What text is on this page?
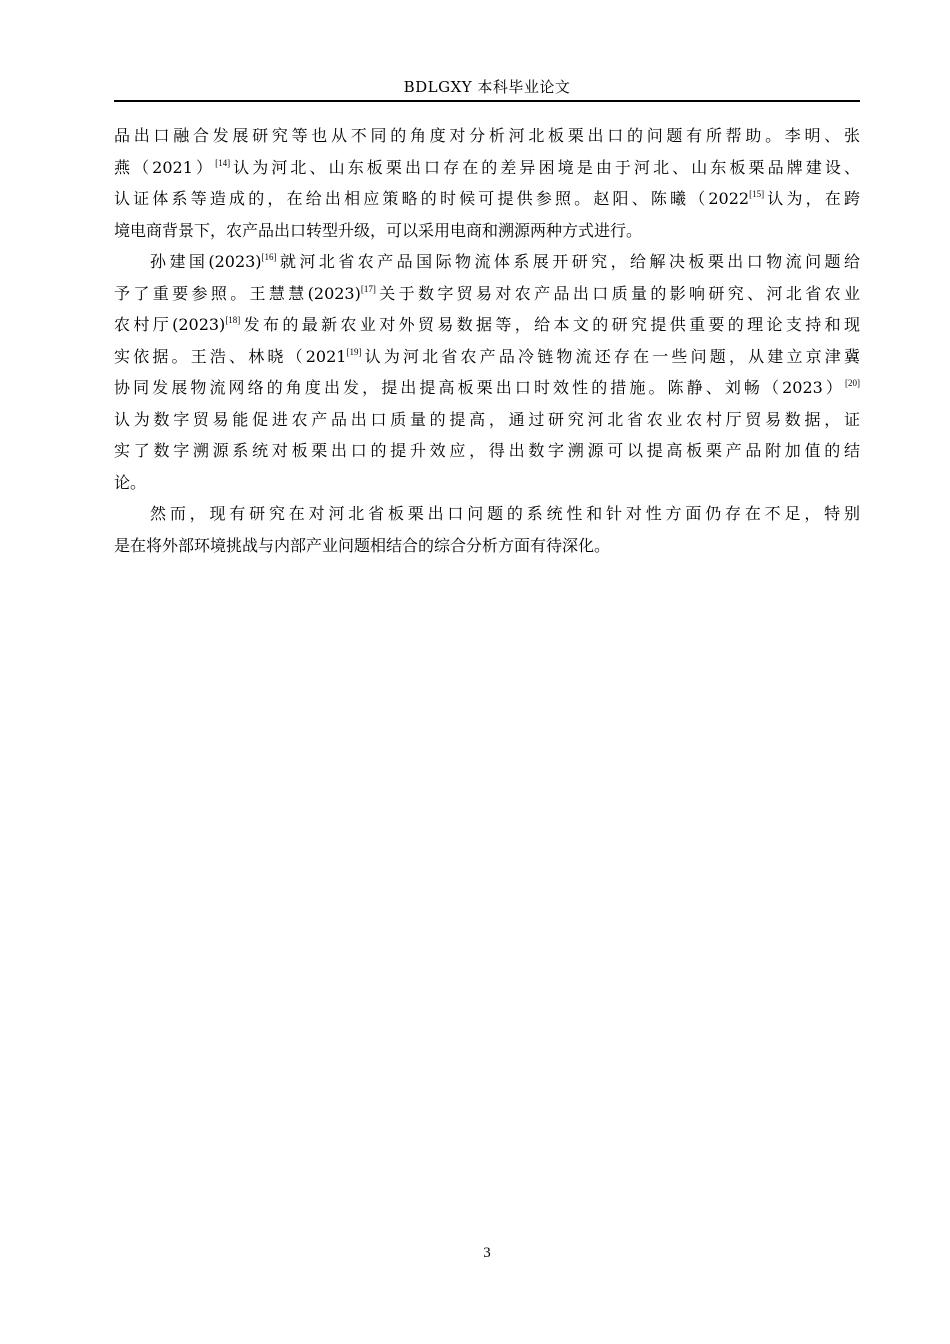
BDLGXY 本科毕业论文
品出口融合发展研究等也从不同的角度对分析河北板栗出口的问题有所帮助。李明、张
燕（2021）[14]认为河北、山东板栗出口存在的差异困境是由于河北、山东板栗品牌建设、
认证体系等造成的，在给出相应策略的时候可提供参照。赵阳、陈曦（2022[15]认为，在跨
境电商背景下，农产品出口转型升级，可以采用电商和溯源两种方式进行。
孙建国(2023)[16]就河北省农产品国际物流体系展开研究，给解决板栗出口物流问题给
予了重要参照。王慧慧(2023)[17]关于数字贸易对农产品出口质量的影响研究、河北省农业
农村厅(2023)[18]发布的最新农业对外贸易数据等，给本文的研究提供重要的理论支持和现
实依据。王浩、林晓（2021[19]认为河北省农产品冷链物流还存在一些问题，从建立京津冀
协同发展物流网络的角度出发，提出提高板栗出口时效性的措施。陈静、刘畅（2023）[20]
认为数字贸易能促进农产品出口质量的提高，通过研究河北省农业农村厅贸易数据，证
实了数字溯源系统对板栗出口的提升效应，得出数字溯源可以提高板栗产品附加值的结
论。
然而，现有研究在对河北省板栗出口问题的系统性和针对性方面仍存在不足，特别
是在将外部环境挑战与内部产业问题相结合的综合分析方面有待深化。
3
